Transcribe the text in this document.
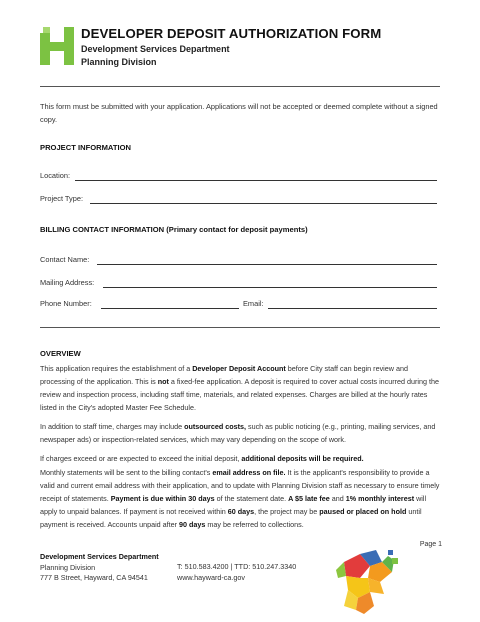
DEVELOPER DEPOSIT AUTHORIZATION FORM
Development Services Department
Planning Division
This form must be submitted with your application. Applications will not be accepted or deemed complete without a signed copy.
PROJECT INFORMATION
Location:
Project Type:
BILLING CONTACT INFORMATION (Primary contact for deposit payments)
Contact Name:
Mailing Address:
Phone Number:	Email:
OVERVIEW

This application requires the establishment of a Developer Deposit Account before City staff can begin review and processing of the application. This is not a fixed-fee application. A deposit is required to cover actual costs incurred during the review and inspection process, including staff time, materials, and related expenses. Charges are billed at the hourly rates listed in the City's adopted Master Fee Schedule.

In addition to staff time, charges may include outsourced costs, such as public noticing (e.g., printing, mailing services, and newspaper ads) or inspection-related services, which may vary depending on the scope of work.

If charges exceed or are expected to exceed the initial deposit, additional deposits will be required.

Monthly statements will be sent to the billing contact's email address on file. It is the applicant's responsibility to provide a valid and current email address with their application, and to update with Planning Division staff as necessary to ensure timely receipt of statements. Payment is due within 30 days of the statement date. A $5 late fee and 1% monthly interest will apply to unpaid balances. If payment is not received within 60 days, the project may be paused or placed on hold until payment is received. Accounts unpaid after 90 days may be referred to collections.

Page 1
Development Services Department
Planning Division
777 B Street, Hayward, CA 94541
T: 510.583.4200 | TTD: 510.247.3340
www.hayward-ca.gov
